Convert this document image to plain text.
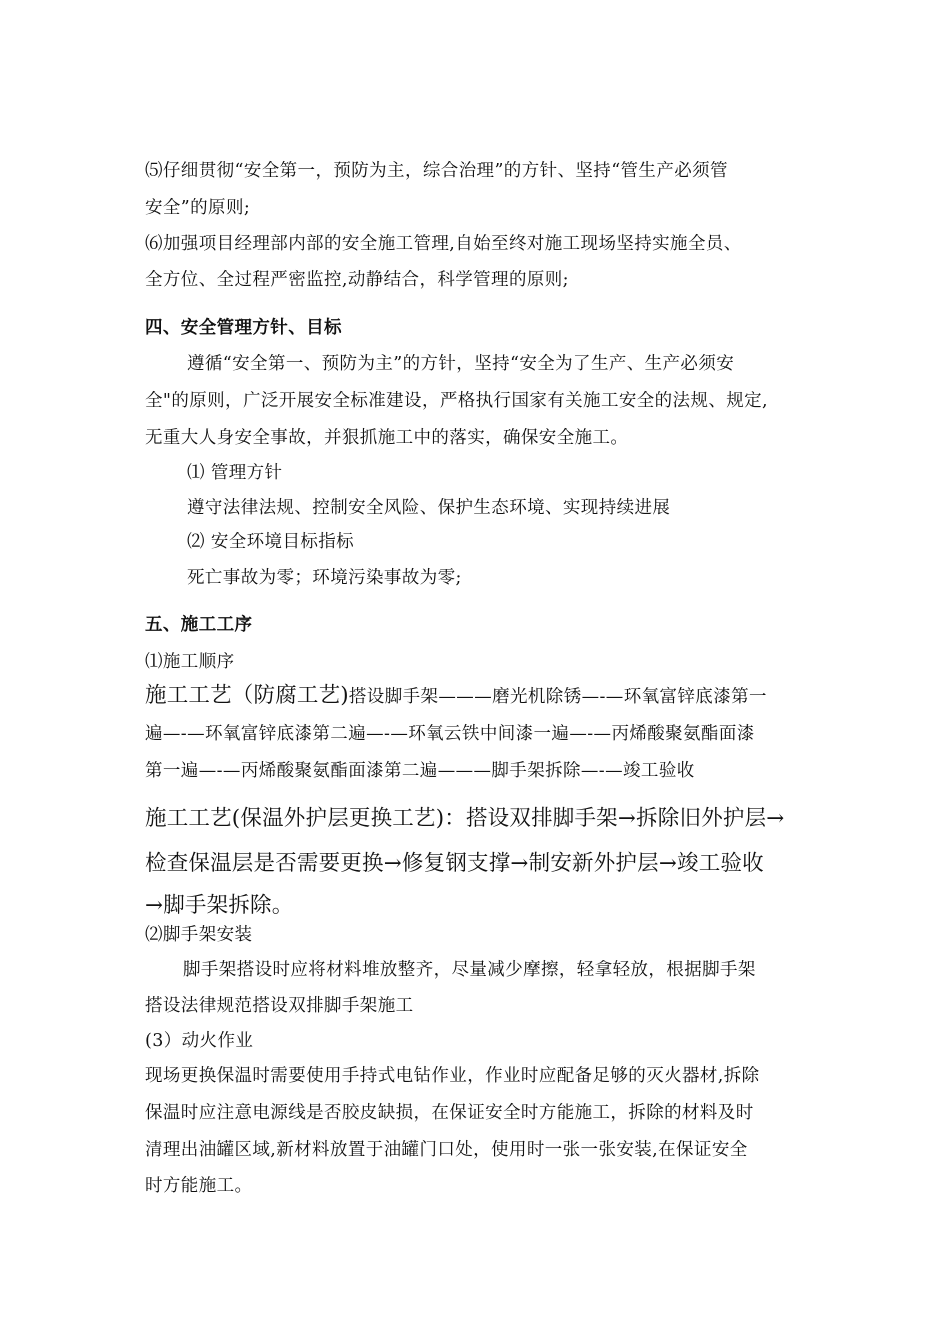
⑸仔细贯彻“安全第一，预防为主，综合治理”的方针、坚持“管生产必须管
安全”的原则;
⑹加强项目经理部内部的安全施工管理,自始至终对施工现场坚持实施全员、
全方位、全过程严密监控,动静结合，科学管理的原则;
四、安全管理方针、目标
遵循“安全第一、预防为主”的方针，坚持“安全为了生产、生产必须安
全"的原则，广泛开展安全标准建设，严格执行国家有关施工安全的法规、规定,
无重大人身安全事故，并狠抓施工中的落实，确保安全施工。
⑴ 管理方针
遵守法律法规、控制安全风险、保护生态环境、实现持续进展
⑵ 安全环境目标指标
死亡事故为零；环境污染事故为零;
五、施工工序
⑴施工顺序
施工工艺（防腐工艺)搭设脚手架———磨光机除锈—-—环氧富锌底漆第一
遍—-—环氧富锌底漆第二遍—-—环氧云铁中间漆一遍—-—丙烯酸聚氨酯面漆
第一遍—-—丙烯酸聚氨酯面漆第二遍———脚手架拆除—-—竣工验收
施工工艺(保温外护层更换工艺)：搭设双排脚手架→拆除旧外护层→
检查保温层是否需要更换→修复钢支撑→制安新外护层→竣工验收
→脚手架拆除。
⑵脚手架安装
脚手架搭设时应将材料堆放整齐，尽量减少摩擦，轻拿轻放，根据脚手架
搭设法律规范搭设双排脚手架施工
(3）动火作业
现场更换保温时需要使用手持式电钻作业，作业时应配备足够的灭火器材,拆除
保温时应注意电源线是否胶皮缺损，在保证安全时方能施工，拆除的材料及时
清理出油罐区域,新材料放置于油罐门口处，使用时一张一张安装,在保证安全
时方能施工。
